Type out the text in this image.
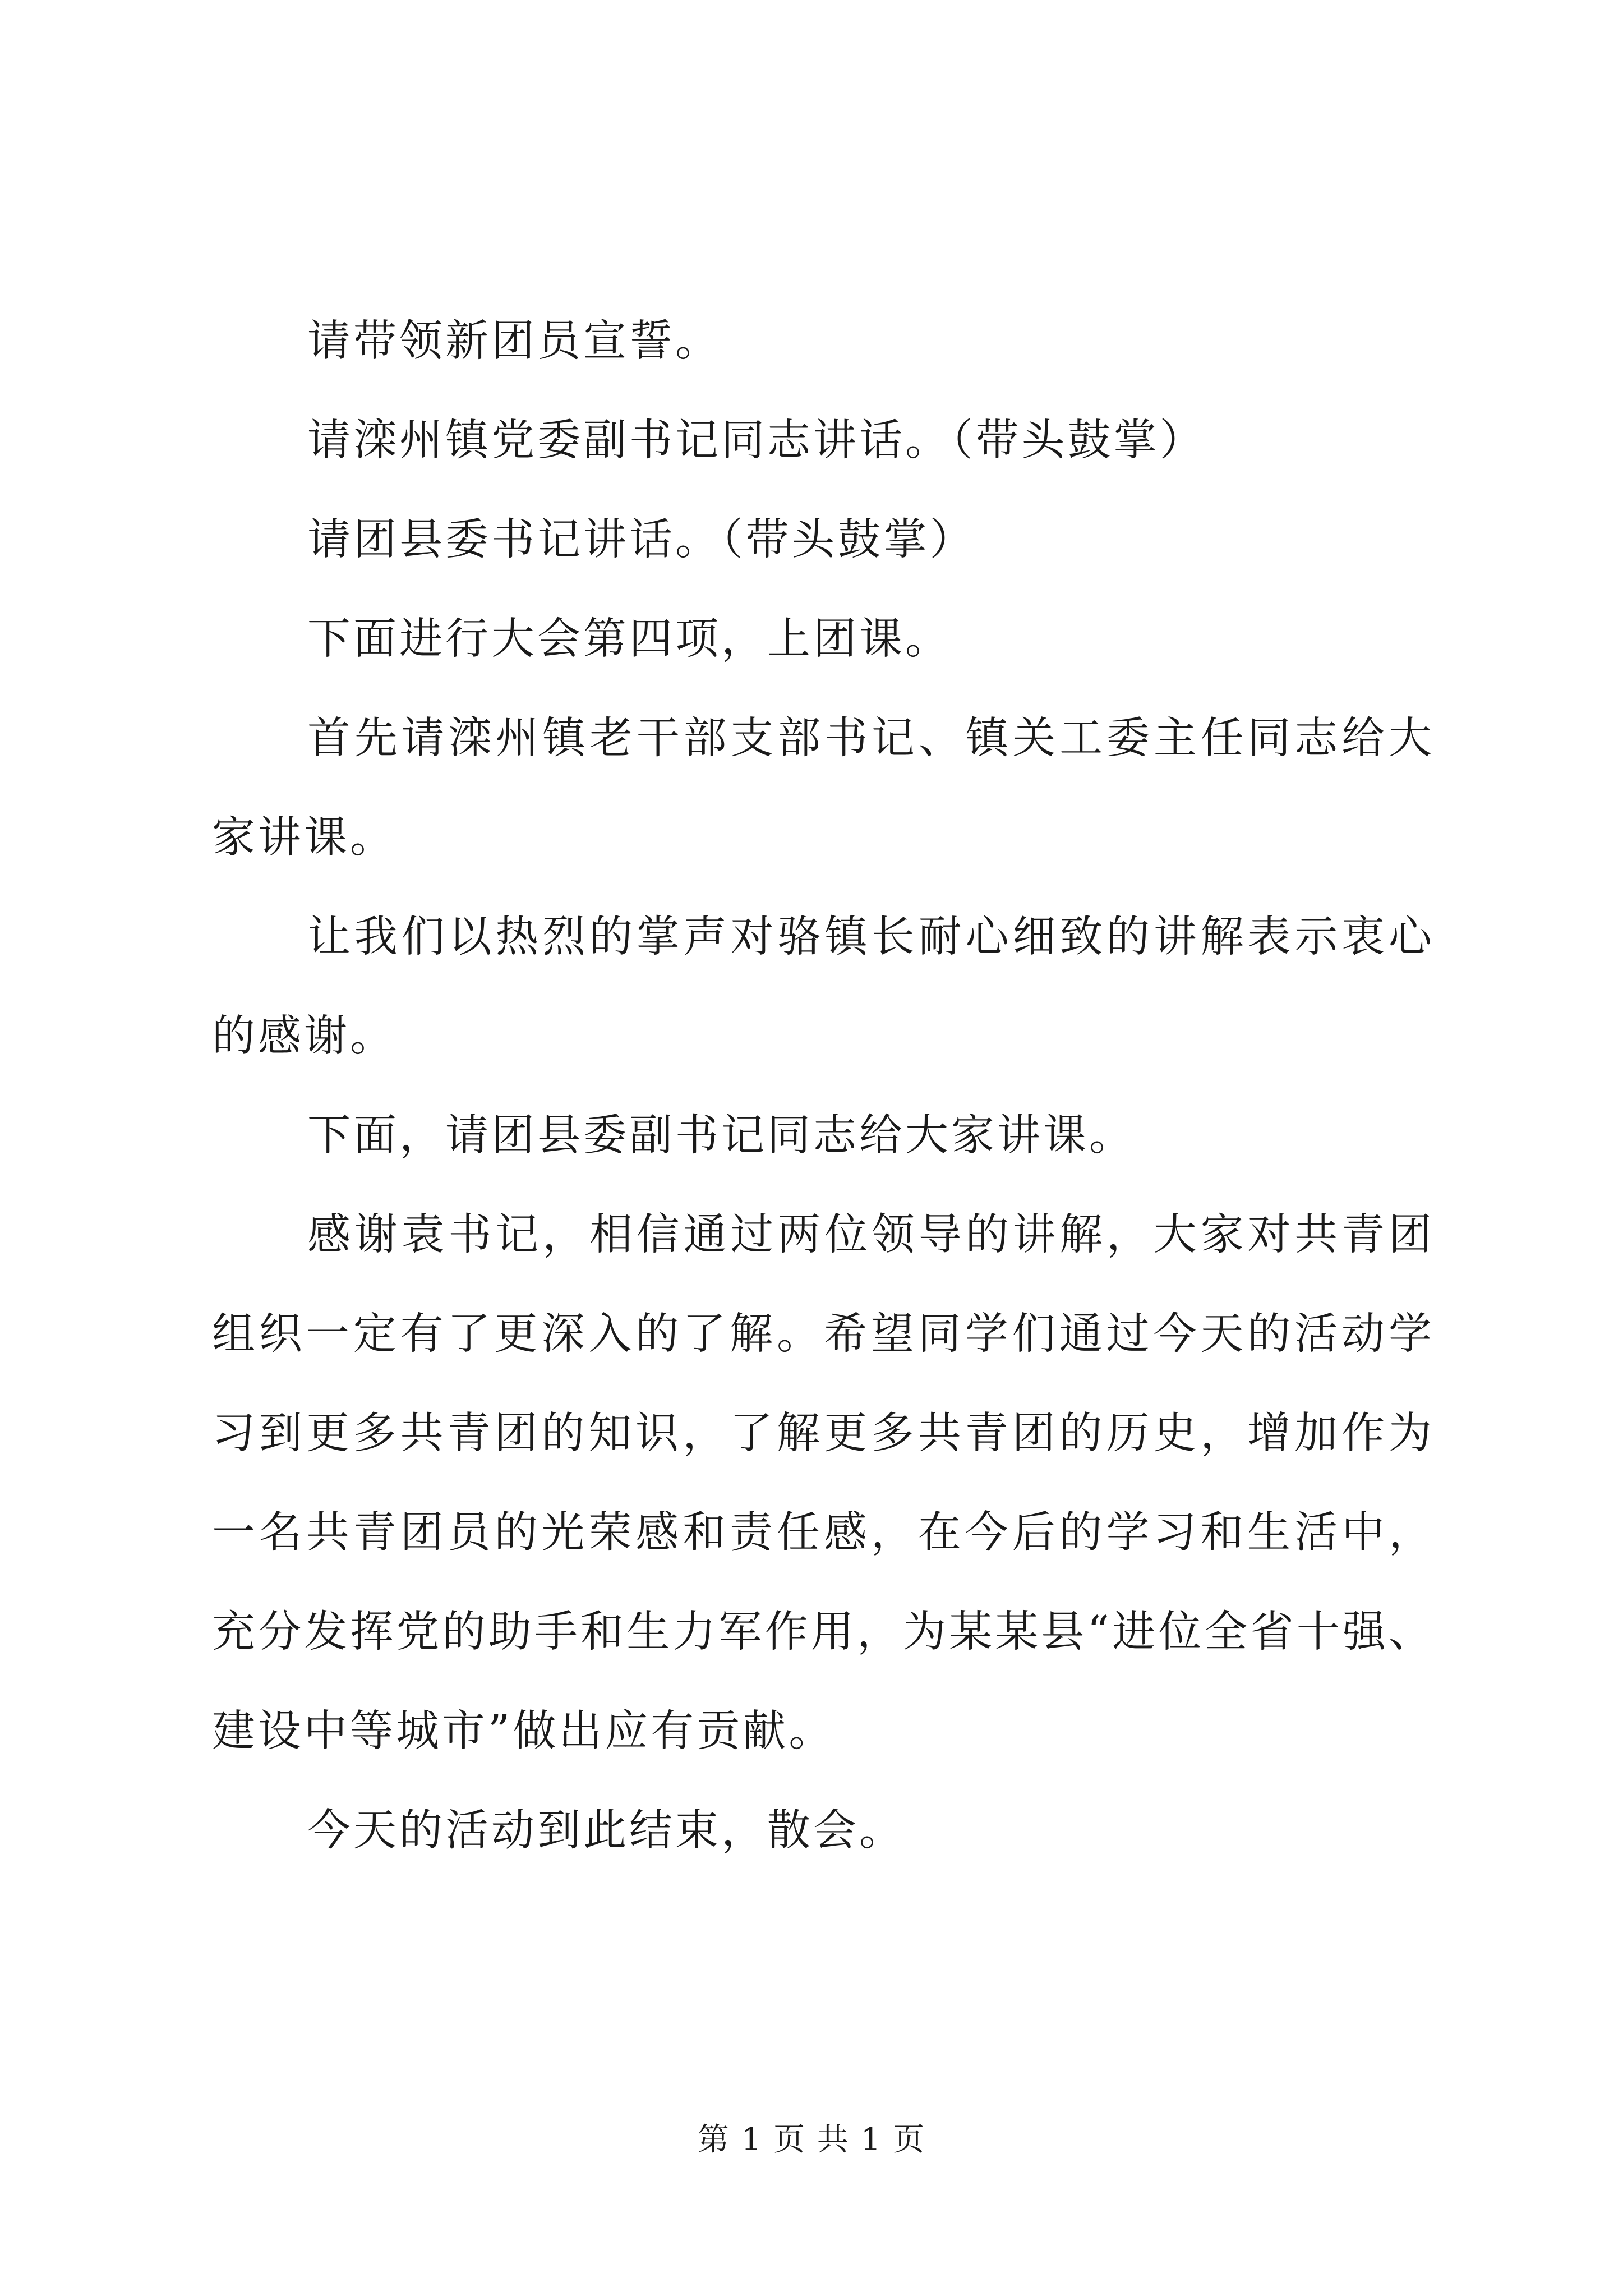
请带领新团员宣誓。

请滦州镇党委副书记同志讲话。（带头鼓掌）

请团县委书记讲话。（带头鼓掌）

下面进行大会第四项，上团课。

首先请滦州镇老干部支部书记、镇关工委主任同志给大家讲课。

让我们以热烈的掌声对骆镇长耐心细致的讲解表示衷心的感谢。

下面，请团县委副书记同志给大家讲课。

感谢袁书记，相信通过两位领导的讲解，大家对共青团组织一定有了更深入的了解。希望同学们通过今天的活动学习到更多共青团的知识，了解更多共青团的历史，增加作为一名共青团员的光荣感和责任感，在今后的学习和生活中，充分发挥党的助手和生力军作用，为某某县“进位全省十强、建设中等城市”做出应有贡献。

今天的活动到此结束，散会。

第 1 页 共 1 页
